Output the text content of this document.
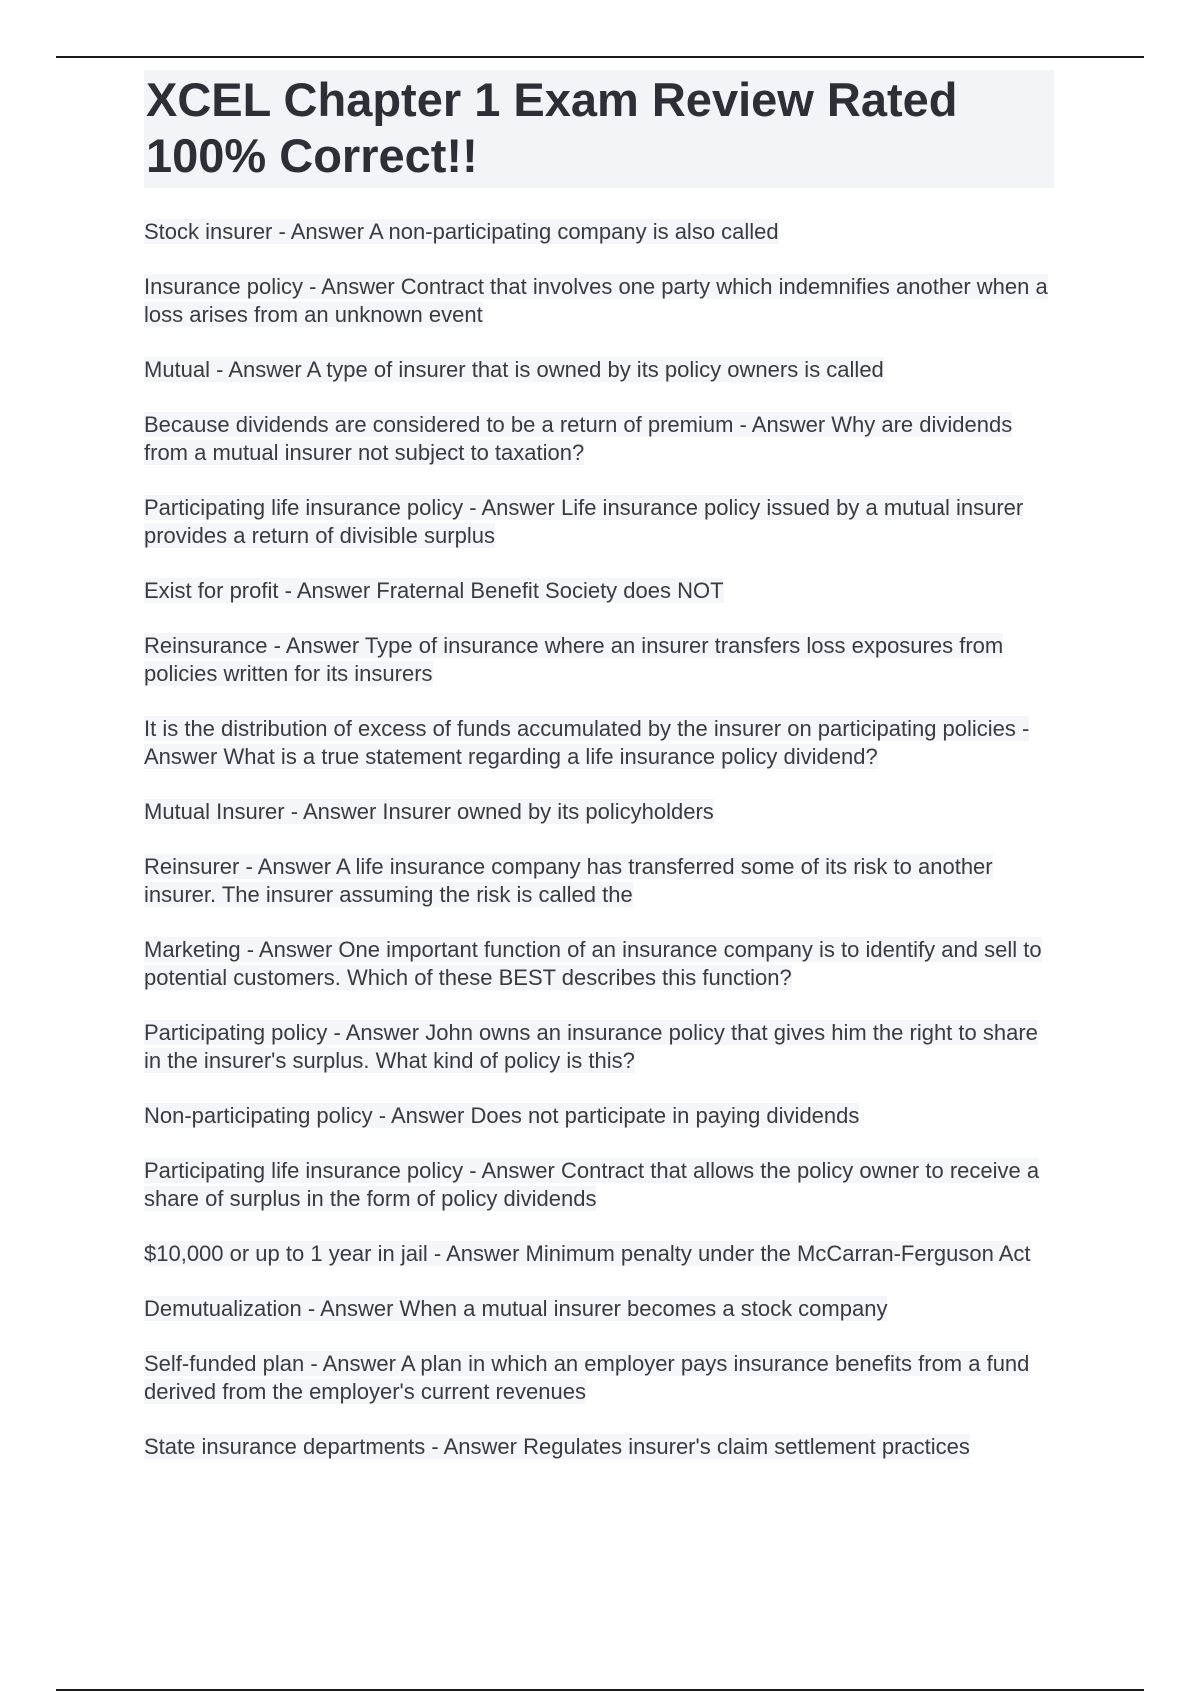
XCEL Chapter 1 Exam Review Rated 100% Correct!!
Stock insurer - Answer A non-participating company is also called
Insurance policy - Answer Contract that involves one party which indemnifies another when a loss arises from an unknown event
Mutual - Answer A type of insurer that is owned by its policy owners is called
Because dividends are considered to be a return of premium - Answer Why are dividends from a mutual insurer not subject to taxation?
Participating life insurance policy - Answer Life insurance policy issued by a mutual insurer provides a return of divisible surplus
Exist for profit - Answer Fraternal Benefit Society does NOT
Reinsurance - Answer Type of insurance where an insurer transfers loss exposures from policies written for its insurers
It is the distribution of excess of funds accumulated by the insurer on participating policies - Answer What is a true statement regarding a life insurance policy dividend?
Mutual Insurer - Answer Insurer owned by its policyholders
Reinsurer - Answer A life insurance company has transferred some of its risk to another insurer. The insurer assuming the risk is called the
Marketing - Answer One important function of an insurance company is to identify and sell to potential customers. Which of these BEST describes this function?
Participating policy - Answer John owns an insurance policy that gives him the right to share in the insurer's surplus. What kind of policy is this?
Non-participating policy - Answer Does not participate in paying dividends
Participating life insurance policy - Answer Contract that allows the policy owner to receive a share of surplus in the form of policy dividends
$10,000 or up to 1 year in jail - Answer Minimum penalty under the McCarran-Ferguson Act
Demutualization - Answer When a mutual insurer becomes a stock company
Self-funded plan - Answer A plan in which an employer pays insurance benefits from a fund derived from the employer's current revenues
State insurance departments - Answer Regulates insurer's claim settlement practices
